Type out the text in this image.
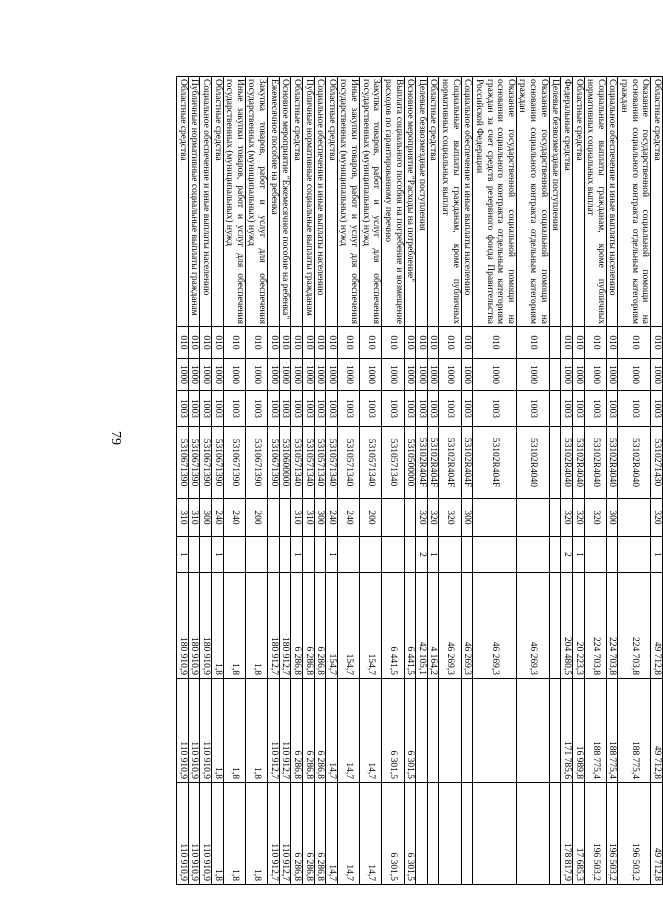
79
Областные средства	010	1000	1003	5310271430	320	1	49 712,8	49 712,8	49 712,8
Оказание государственной социальной помощи на основании социального контракта отдельным категориям граждан	010	1000	1003	53102R4040			224 703,8	188 775,4	196 503,2
Социальное обеспечение и иные выплаты населению	010	1000	1003	53102R4040	300		224 703,8	188 775,4	196 503,2
Социальные выплаты гражданам, кроме публичных нормативных социальных выплат	010	1000	1003	53102R4040	320		224 703,8	188 775,4	196 503,2
Областные средства	010	1000	1003	53102R4040	320	1	20 223,3	16 989,8	17 685,3
Федеральные средства	010	1000	1003	53102R4040	320	2	204 480,5	171 785,6	178 817,9
Целевые безвозмездные поступления									
Оказание государственной социальной помощи на основании социального контракта отдельным категориям граждан	010	1000	1003	53102R4040			46 269,3		
Оказание государственной социальной помощи на основании социального контракта отдельным категориям граждан за счет средств резервного фонда Правительства Российской Федерации	010	1000	1003	53102R404F			46 269,3		
Социальное обеспечение и иные выплаты населению	010	1000	1003	53102R404F	300		46 269,3		
Социальные выплаты гражданам, кроме публичных нормативных социальных выплат	010	1000	1003	53102R404F	320		46 269,3		
Областные средства	010	1000	1003	53102R404F	320	1	4 164,2		
Целевые безвозмездные поступления	010	1000	1003	53102R404F	320	2	42 105,1		
Основное мероприятие "Расходы на потребление"	010	1000	1003	5310500000			6 441,5	6 301,5	6 301,5
Выплата социального пособия на погребение и возмещение расходов по гарантированному перечню	010	1000	1003	5310571340			6 441,5	6 301,5	6 301,5
Закупка товаров, работ и услуг для обеспечения государственных (муниципальных) нужд	010	1000	1003	5310571340	200		154,7	14,7	14,7
Иные закупки товаров, работ и услуг для обеспечения государственных (муниципальных) нужд	010	1000	1003	5310571340	240		154,7	14,7	14,7
Областные средства	010	1000	1003	5310571340	240	1	154,7	14,7	14,7
Социальное обеспечение и иные выплаты населению	010	1000	1003	5310571340	300		6 286,8	6 286,8	6 286,8
Публичные нормативные социальные выплаты гражданам	010	1000	1003	5310571340	310		6 286,8	6 286,8	6 286,8
Областные средства	010	1000	1003	5310571340	310	1	6 286,8	6 286,8	6 286,8
Основное мероприятие "Ежемесячное пособие на ребенка"	010	1000	1003	5310600000			180 912,7	110 912,7	110 912,7
Ежемесячное пособие на ребенка	010	1000	1003	5310671390			180 912,7	110 912,7	110 912,7
Закупка товаров, работ и услуг для обеспечения государственных (муниципальных) нужд	010	1000	1003	5310671390	200		1,8	1,8	1,8
Иные закупки товаров, работ и услуг для обеспечения государственных (муниципальных) нужд	010	1000	1003	5310671390	240		1,8	1,8	1,8
Областные средства	010	1000	1003	5310671390	240	1	1,8	1,8	1,8
Социальное обеспечение и иные выплаты населению	010	1000	1003	5310671390	300		180 910,9	110 910,9	110 910,9
Публичные нормативные социальные выплаты гражданам	010	1000	1003	5310671390	310		180 910,9	110 910,9	110 910,9
Областные средства	010	1000	1003	5310671390	310	1	180 910,9	110 910,9	110 910,9
